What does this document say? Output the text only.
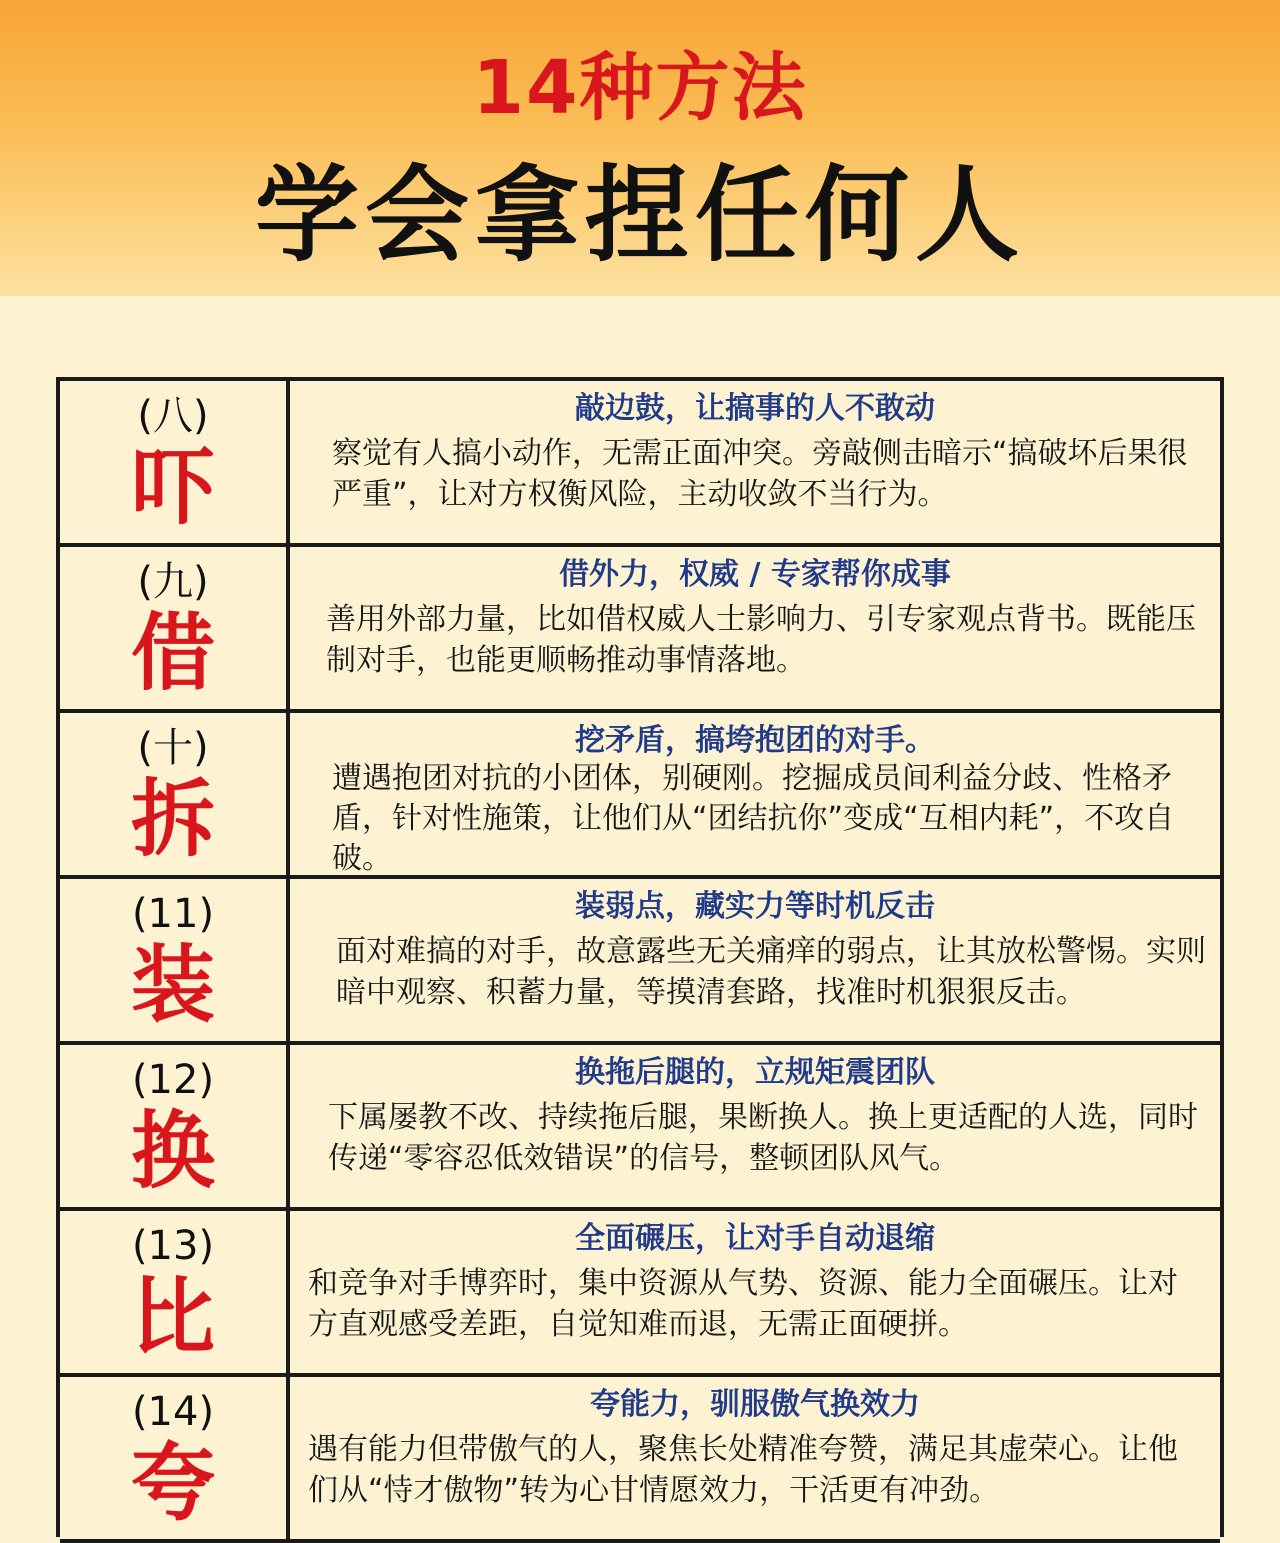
14种方法
学会拿捏任何人
(八)
吓
敲边鼓，让搞事的人不敢动
察觉有人搞小动作，无需正面冲突。旁敲侧击暗示“搞破坏后果很严重”，让对方权衡风险，主动收敛不当行为。
(九)
借
借外力，权威 / 专家帮你成事
善用外部力量，比如借权威人士影响力、引专家观点背书。既能压制对手，也能更顺畅推动事情落地。
(十)
拆
挖矛盾，搞垮抱团的对手。
遭遇抱团对抗的小团体，别硬刚。挖掘成员间利益分歧、性格矛盾，针对性施策，让他们从“团结抗你”变成“互相内耗”，不攻自破。
(11)
装
装弱点，藏实力等时机反击
面对难搞的对手，故意露些无关痛痒的弱点，让其放松警惕。实则暗中观察、积蓄力量，等摸清套路，找准时机狠狠反击。
(12)
换
换拖后腿的，立规矩震团队
下属屡教不改、持续拖后腿，果断换人。换上更适配的人选，同时传递“零容忍低效错误”的信号，整顿团队风气。
(13)
比
全面碾压，让对手自动退缩
和竞争对手博弈时，集中资源从气势、资源、能力全面碾压。让对方直观感受差距，自觉知难而退，无需正面硬拼。
(14)
夸
夸能力，驯服傲气换效力
遇有能力但带傲气的人，聚焦长处精准夸赞，满足其虚荣心。让他们从“恃才傲物”转为心甘情愿效力，干活更有冲劲。
